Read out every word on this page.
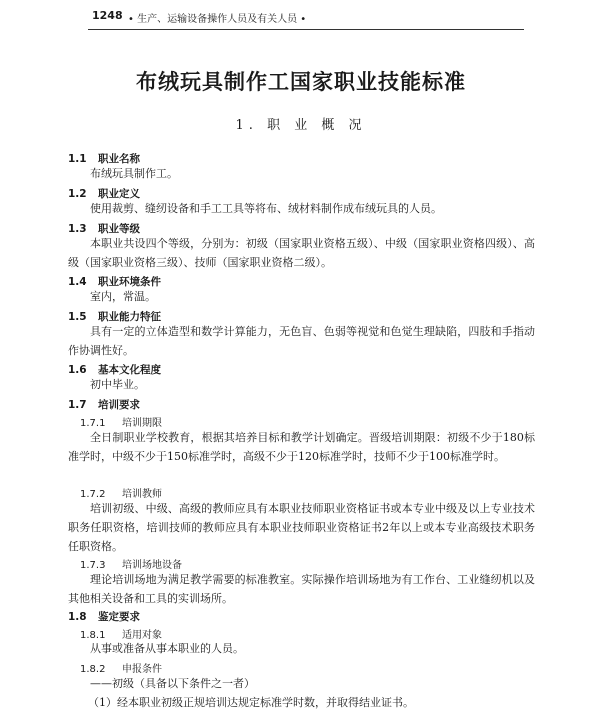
1248 • 生产、运输设备操作人员及有关人员 •
布绒玩具制作工国家职业技能标准
1. 职 业 概 况
1.1 职业名称

布绒玩具制作工。

1.2 职业定义

使用裁剪、缝纫设备和手工工具等将布、绒材料制作成布绒玩具的人员。

1.3 职业等级

本职业共设四个等级，分别为：初级（国家职业资格五级）、中级（国家职业资格四级）、高级（国家职业资格三级）、技师（国家职业资格二级）。

1.4 职业环境条件

室内，常温。

1.5 职业能力特征

具有一定的立体造型和数学计算能力，无色盲、色弱等视觉和色觉生理缺陷，四肢和手指动作协调性好。

1.6 基本文化程度

初中毕业。

1.7 培训要求
1.7.1 培训期限

全日制职业学校教育，根据其培养目标和教学计划确定。晋级培训期限：初级不少于180标准学时，中级不少于150标准学时，高级不少于120标准学时，技师不少于100标准学时。

1.7.2 培训教师

培训初级、中级、高级的教师应具有本职业技师职业资格证书或本专业中级及以上专业技术职务任职资格，培训技师的教师应具有本职业技师职业资格证书2年以上或本专业高级技术职务任职资格。

1.7.3 培训场地设备

理论培训场地为满足教学需要的标准教室。实际操作培训场地为有工作台、工业缝纫机以及其他相关设备和工具的实训场所。

1.8 鉴定要求
1.8.1 适用对象

从事或准备从事本职业的人员。

1.8.2 申报条件

——初级（具备以下条件之一者）

（1）经本职业初级正规培训达规定标准学时数，并取得结业证书。
